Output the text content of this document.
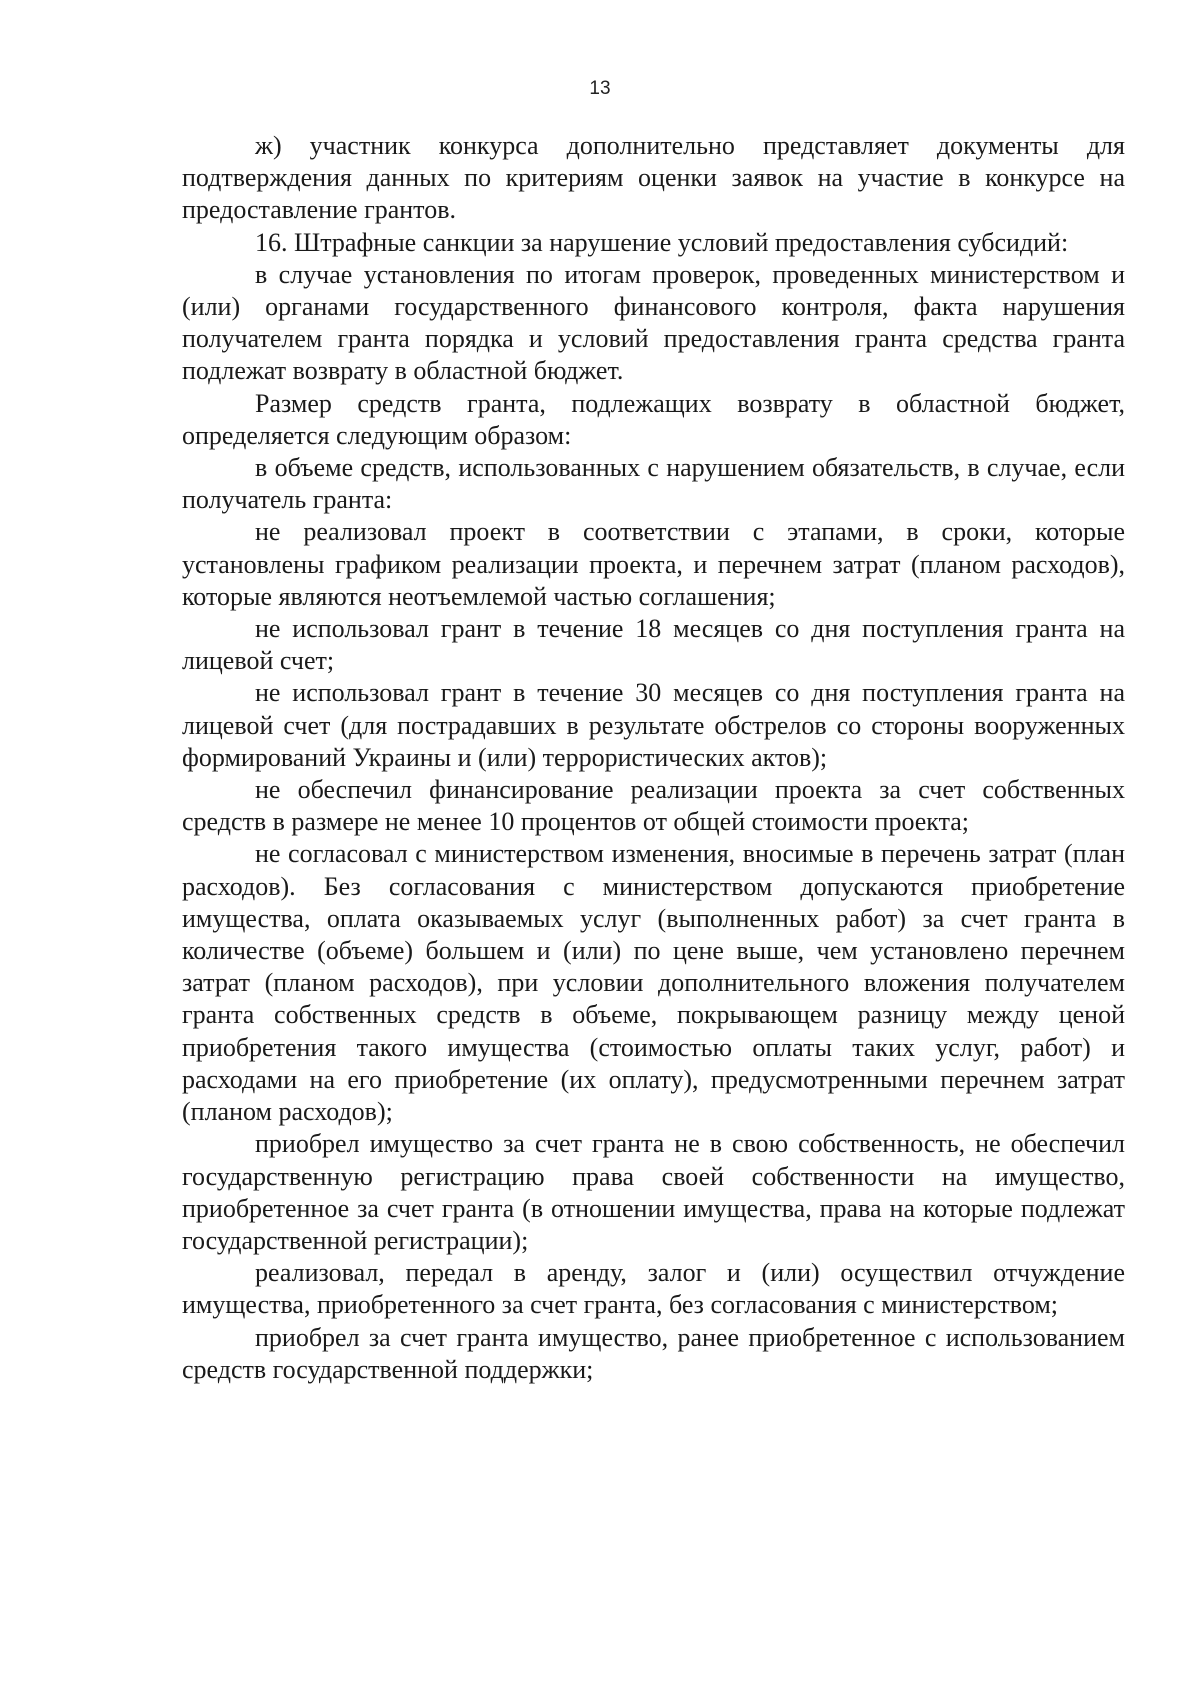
13

ж) участник конкурса дополнительно представляет документы для подтверждения данных по критериям оценки заявок на участие в конкурсе на предоставление грантов.

16. Штрафные санкции за нарушение условий предоставления субсидий:

в случае установления по итогам проверок, проведенных министерством и (или) органами государственного финансового контроля, факта нарушения получателем гранта порядка и условий предоставления гранта средства гранта подлежат возврату в областной бюджет.

Размер средств гранта, подлежащих возврату в областной бюджет, определяется следующим образом:

в объеме средств, использованных с нарушением обязательств, в случае, если получатель гранта:

не реализовал проект в соответствии с этапами, в сроки, которые установлены графиком реализации проекта, и перечнем затрат (планом расходов), которые являются неотъемлемой частью соглашения;

не использовал грант в течение 18 месяцев со дня поступления гранта на лицевой счет;

не использовал грант в течение 30 месяцев со дня поступления гранта на лицевой счет (для пострадавших в результате обстрелов со стороны вооруженных формирований Украины и (или) террористических актов);

не обеспечил финансирование реализации проекта за счет собственных средств в размере не менее 10 процентов от общей стоимости проекта;

не согласовал с министерством изменения, вносимые в перечень затрат (план расходов). Без согласования с министерством допускаются приобретение имущества, оплата оказываемых услуг (выполненных работ) за счет гранта в количестве (объеме) большем и (или) по цене выше, чем установлено перечнем затрат (планом расходов), при условии дополнительного вложения получателем гранта собственных средств в объеме, покрывающем разницу между ценой приобретения такого имущества (стоимостью оплаты таких услуг, работ) и расходами на его приобретение (их оплату), предусмотренными перечнем затрат (планом расходов);

приобрел имущество за счет гранта не в свою собственность, не обеспечил государственную регистрацию права своей собственности на имущество, приобретенное за счет гранта (в отношении имущества, права на которые подлежат государственной регистрации);

реализовал, передал в аренду, залог и (или) осуществил отчуждение имущества, приобретенного за счет гранта, без согласования с министерством;

приобрел за счет гранта имущество, ранее приобретенное с использованием средств государственной поддержки;
